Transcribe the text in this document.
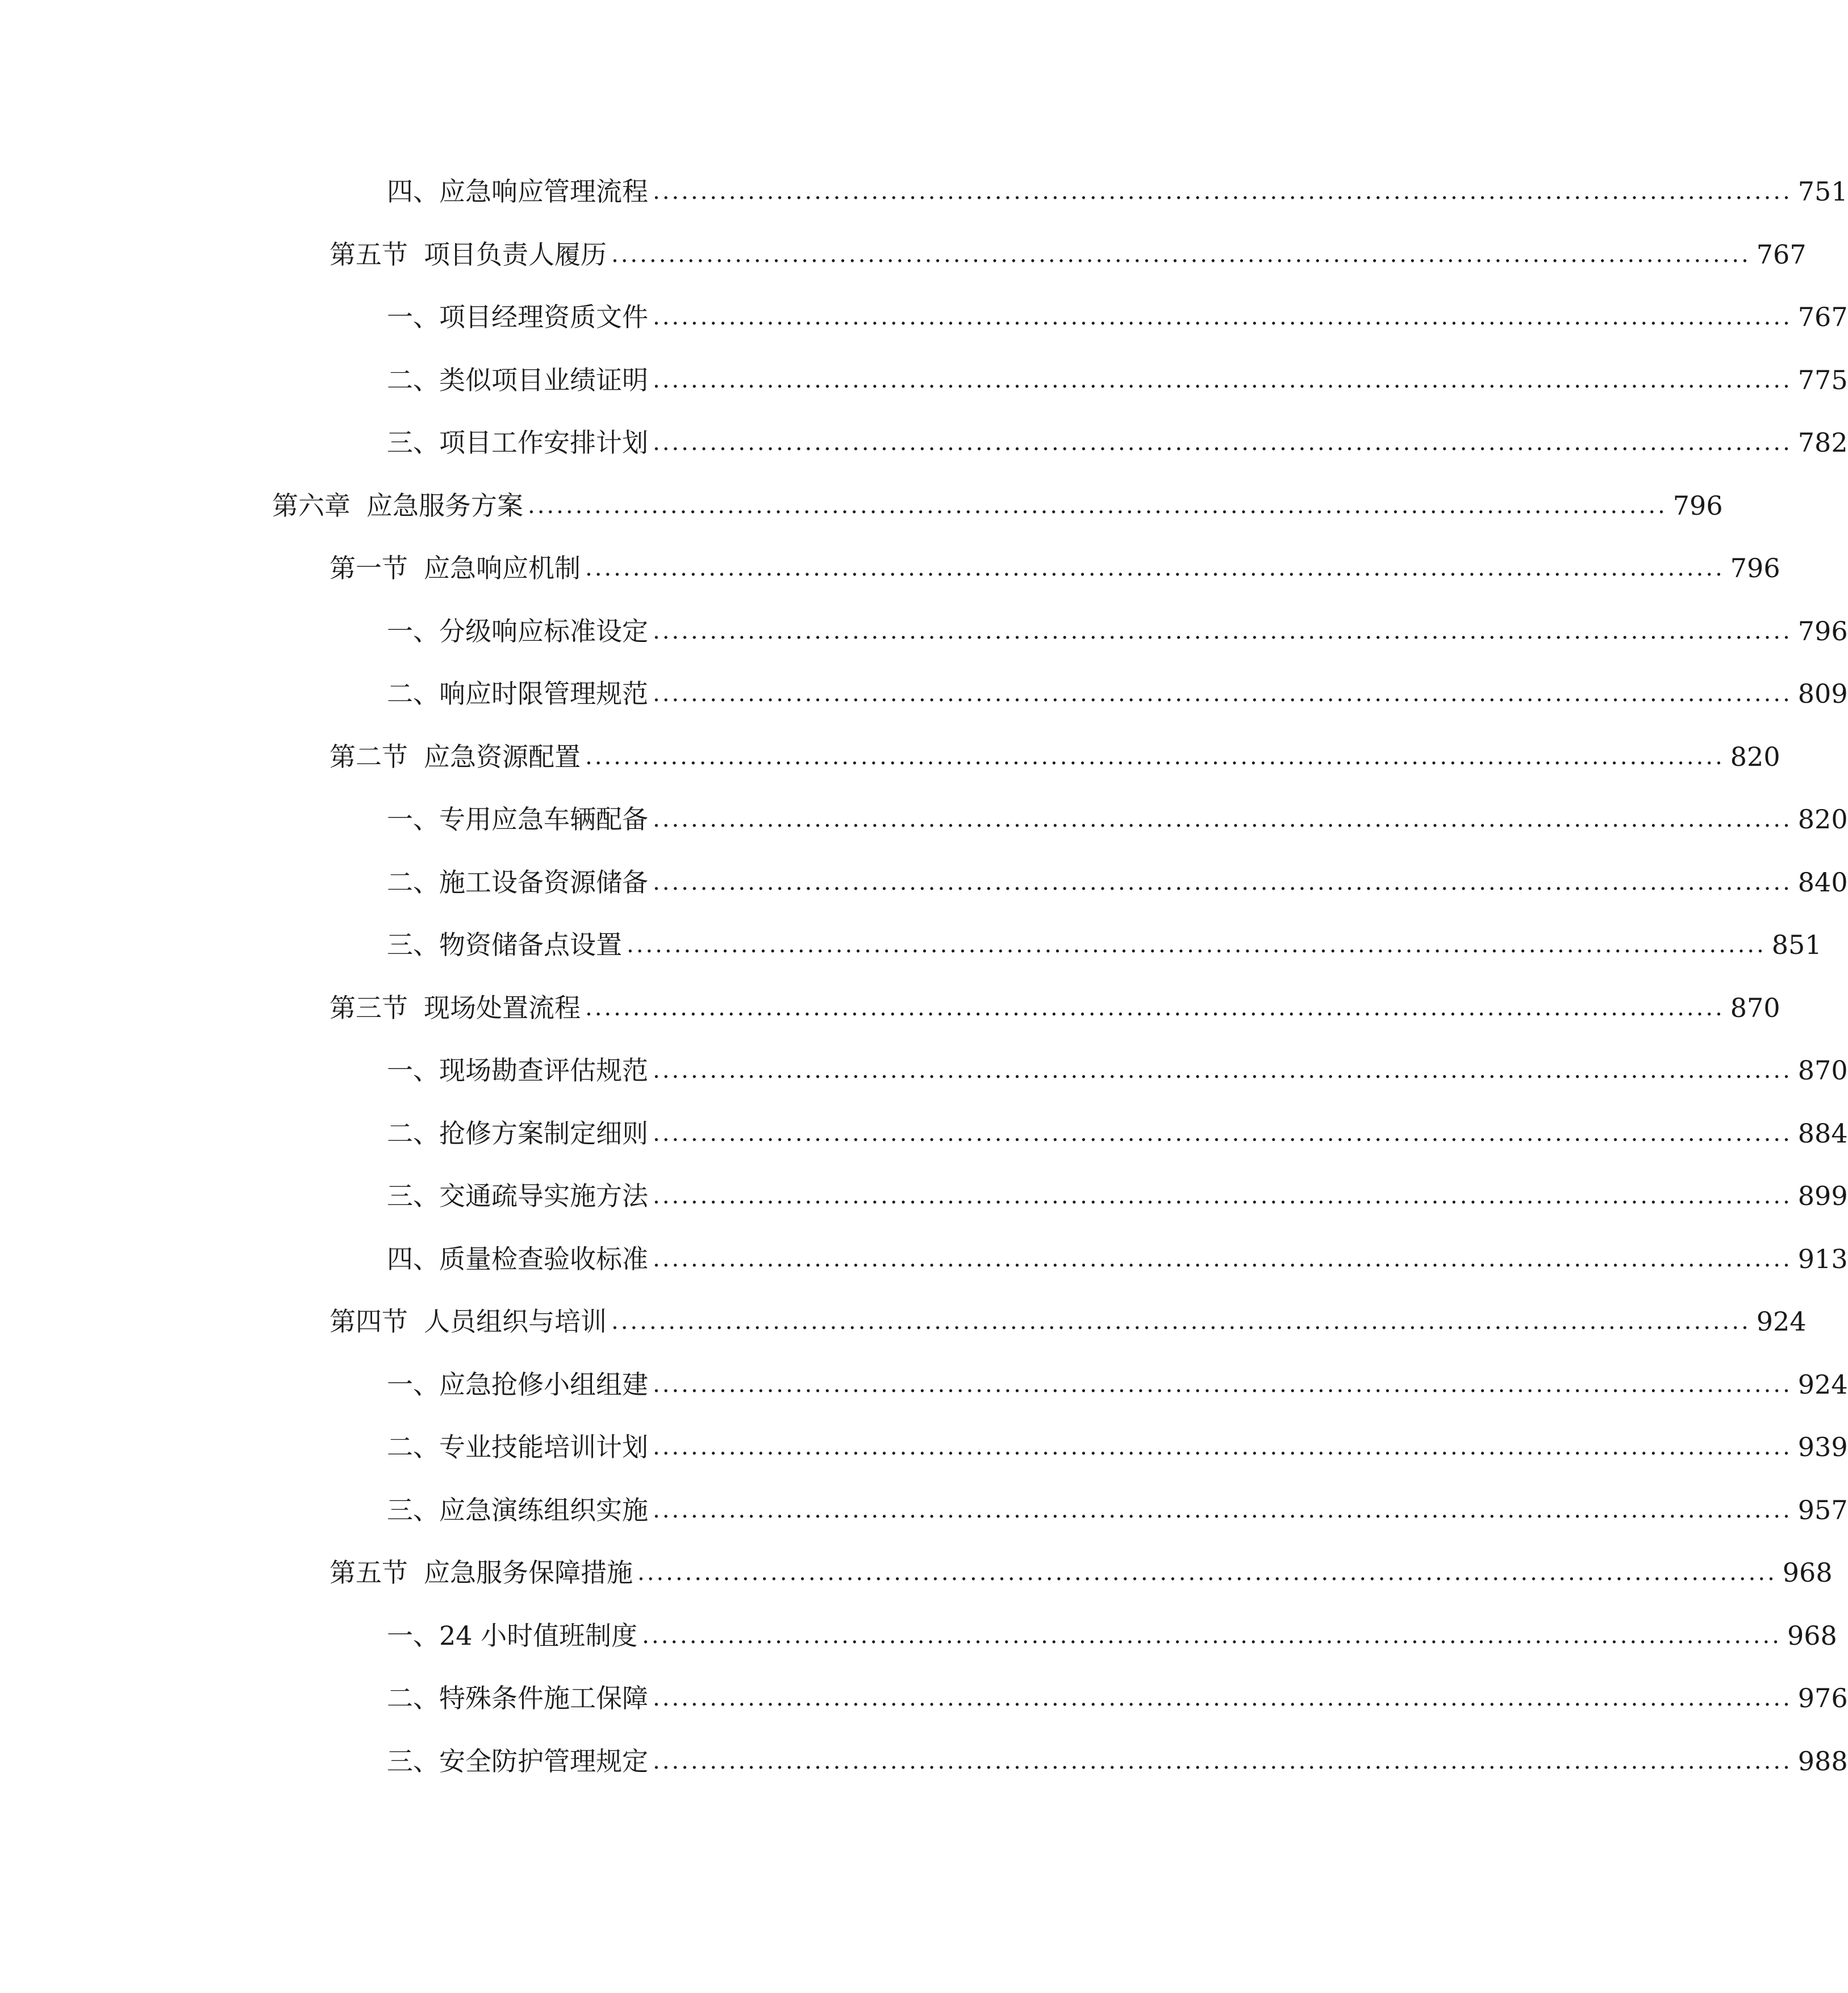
四、 应急响应管理流程 ........................................................................................................................ 751
第五节 项目负责人履历 ........................................................................................................................ 767
一、 项目经理资质文件 ........................................................................................................................ 767
二、 类似项目业绩证明 ........................................................................................................................ 775
三、 项目工作安排计划 ........................................................................................................................ 782
第六章 应急服务方案 ........................................................................................................................ 796
第一节 应急响应机制 ........................................................................................................................ 796
一、 分级响应标准设定 ........................................................................................................................ 796
二、 响应时限管理规范 ........................................................................................................................ 809
第二节 应急资源配置 ........................................................................................................................ 820
一、 专用应急车辆配备 ........................................................................................................................ 820
二、 施工设备资源储备 ........................................................................................................................ 840
三、 物资储备点设置 ........................................................................................................................ 851
第三节 现场处置流程 ........................................................................................................................ 870
一、 现场勘查评估规范 ........................................................................................................................ 870
二、 抢修方案制定细则 ........................................................................................................................ 884
三、 交通疏导实施方法 ........................................................................................................................ 899
四、 质量检查验收标准 ........................................................................................................................ 913
第四节 人员组织与培训 ........................................................................................................................ 924
一、 应急抢修小组组建 ........................................................................................................................ 924
二、 专业技能培训计划 ........................................................................................................................ 939
三、 应急演练组织实施 ........................................................................................................................ 957
第五节 应急服务保障措施 ........................................................................................................................ 968
一、 24 小时值班制度 ........................................................................................................................ 968
二、 特殊条件施工保障 ........................................................................................................................ 976
三、 安全防护管理规定 ........................................................................................................................ 988
